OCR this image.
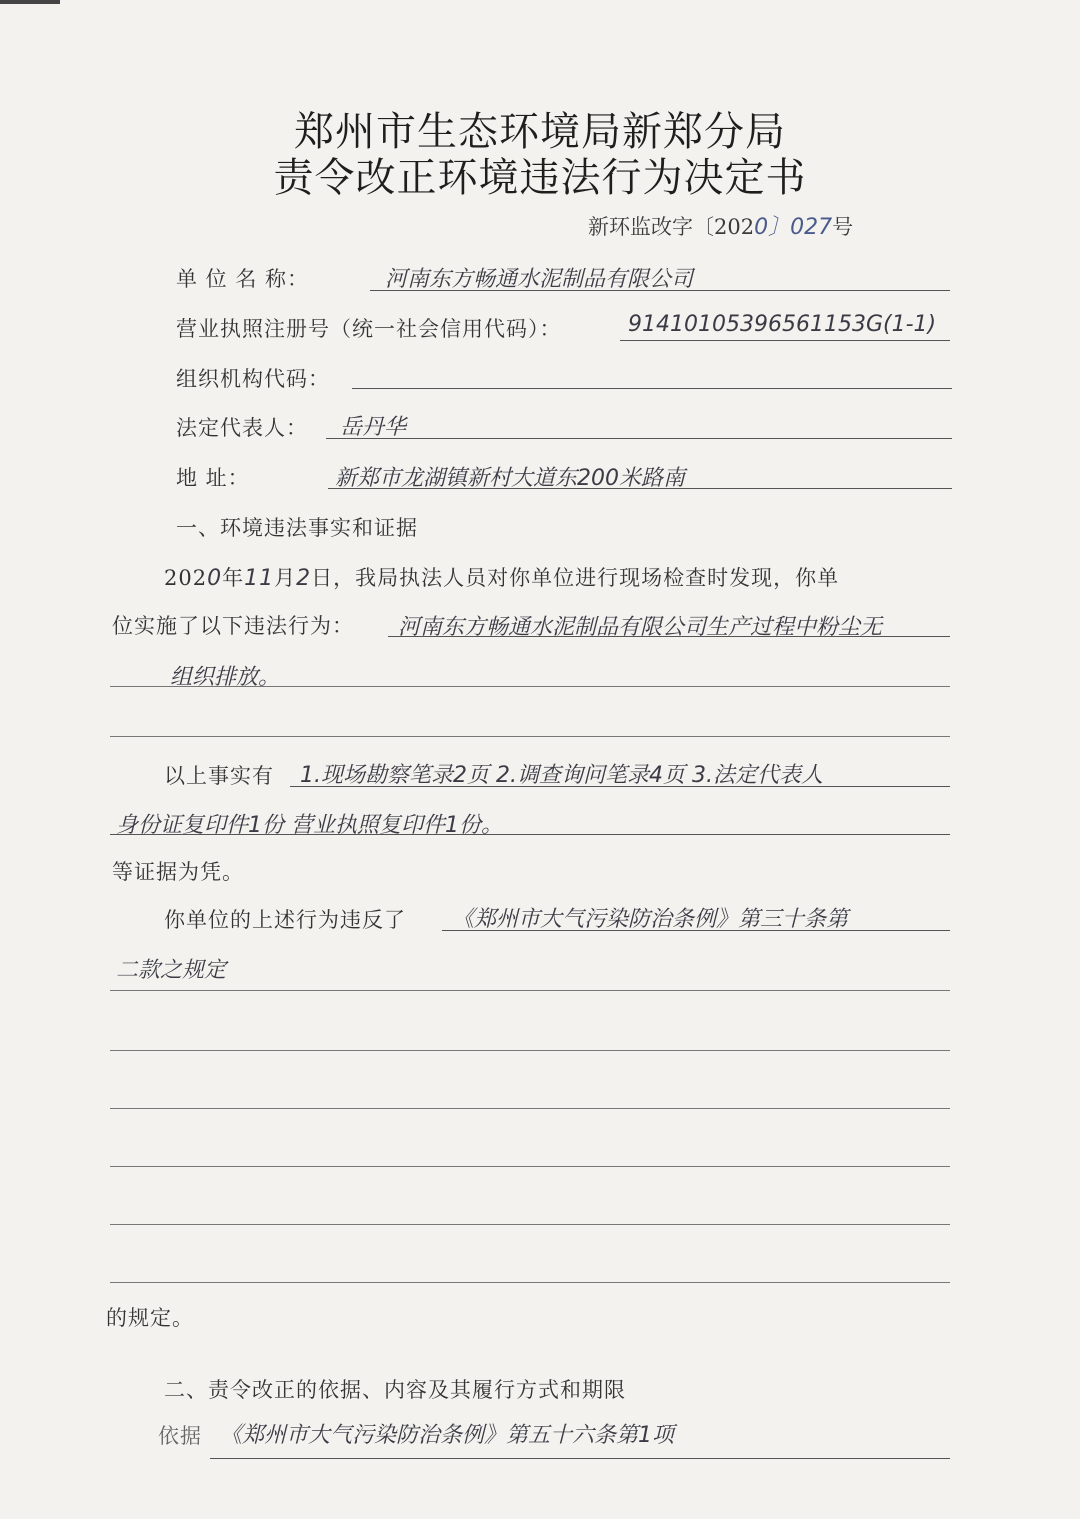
郑州市生态环境局新郑分局
责令改正环境违法行为决定书
新环监改字〔2020〕027号
单 位 名 称：	河南东方畅通水泥制品有限公司
营业执照注册号（统一社会信用代码）：	91410105396561153G(1-1)
组织机构代码：
法定代表人： 岳丹华
地 址：	新郑市龙湖镇新村大道东200米路南
一、环境违法事实和证据
2020年11月2日，我局执法人员对你单位进行现场检查时发现，你单
位实施了以下违法行为： 河南东方畅通水泥制品有限公司生产过程中粉尘无
组织排放。
以上事实有 1.现场勘察笔录2页 2.调查询问笔录4页 3.法定代表人
身份证复印件1份 营业执照复印件1份。
等证据为凭。
你单位的上述行为违反了 《郑州市大气污染防治条例》第三十条第
二款之规定
的规定。
二、责令改正的依据、内容及其履行方式和期限
依据 《郑州市大气污染防治条例》第五十六条第1项
